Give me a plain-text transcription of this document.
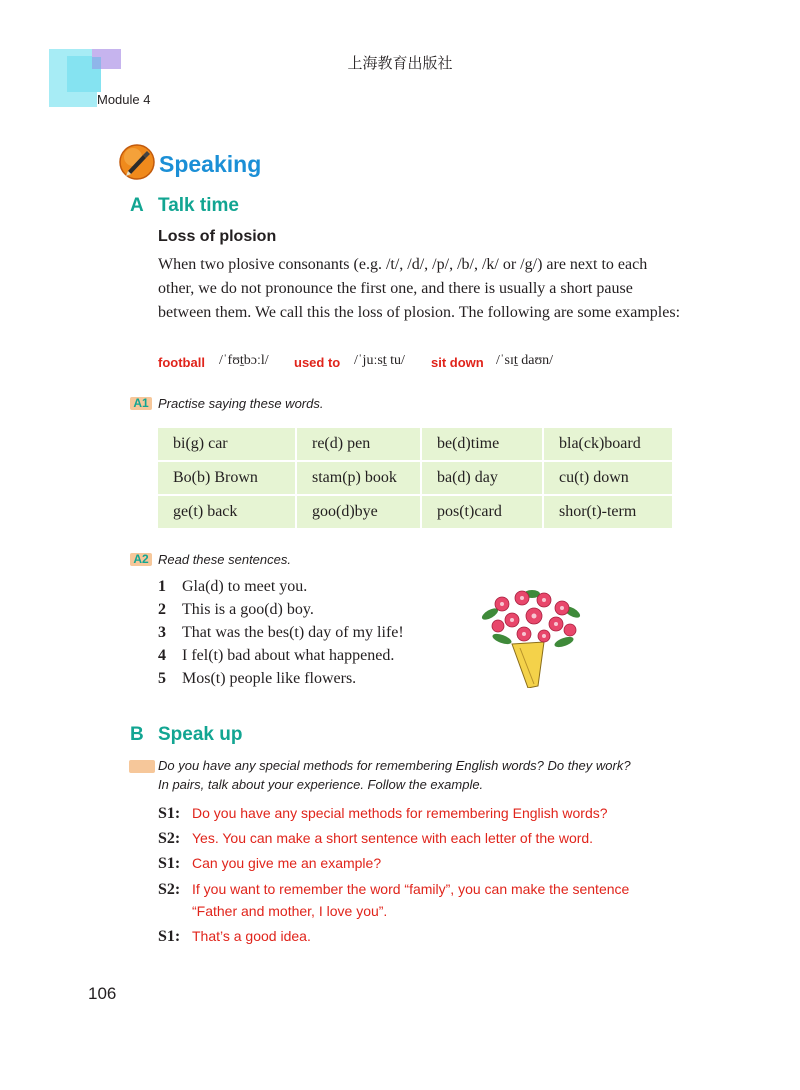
上海教育出版社
Module 4
Speaking
A Talk time
Loss of plosion
When two plosive consonants (e.g. /t/, /d/, /p/, /b/, /k/ or /g/) are next to each other, we do not pronounce the first one, and there is usually a short pause between them. We call this the loss of plosion. The following are some examples:
football /ˈfʊt̠bɔːl/ used to /ˈjuːst̠ tu/ sit down /ˈsɪt̠ daʊn/
A1 Practise saying these words.
bi(g) car	re(d) pen	be(d)time	bla(ck)board
Bo(b) Brown	stam(p) book	ba(d) day	cu(t) down
ge(t) back	goo(d)bye	pos(t)card	shor(t)-term
A2 Read these sentences.
1	Gla(d) to meet you.
2	This is a goo(d) boy.
3	That was the bes(t) day of my life!
4	I fel(t) bad about what happened.
5	Mos(t) people like flowers.
B Speak up
Do you have any special methods for remembering English words? Do they work?
In pairs, talk about your experience. Follow the example.
S1: Do you have any special methods for remembering English words?
S2: Yes. You can make a short sentence with each letter of the word.
S1: Can you give me an example?
S2: If you want to remember the word “family”, you can make the sentence
“Father and mother, I love you”.
S1: That’s a good idea.
106
